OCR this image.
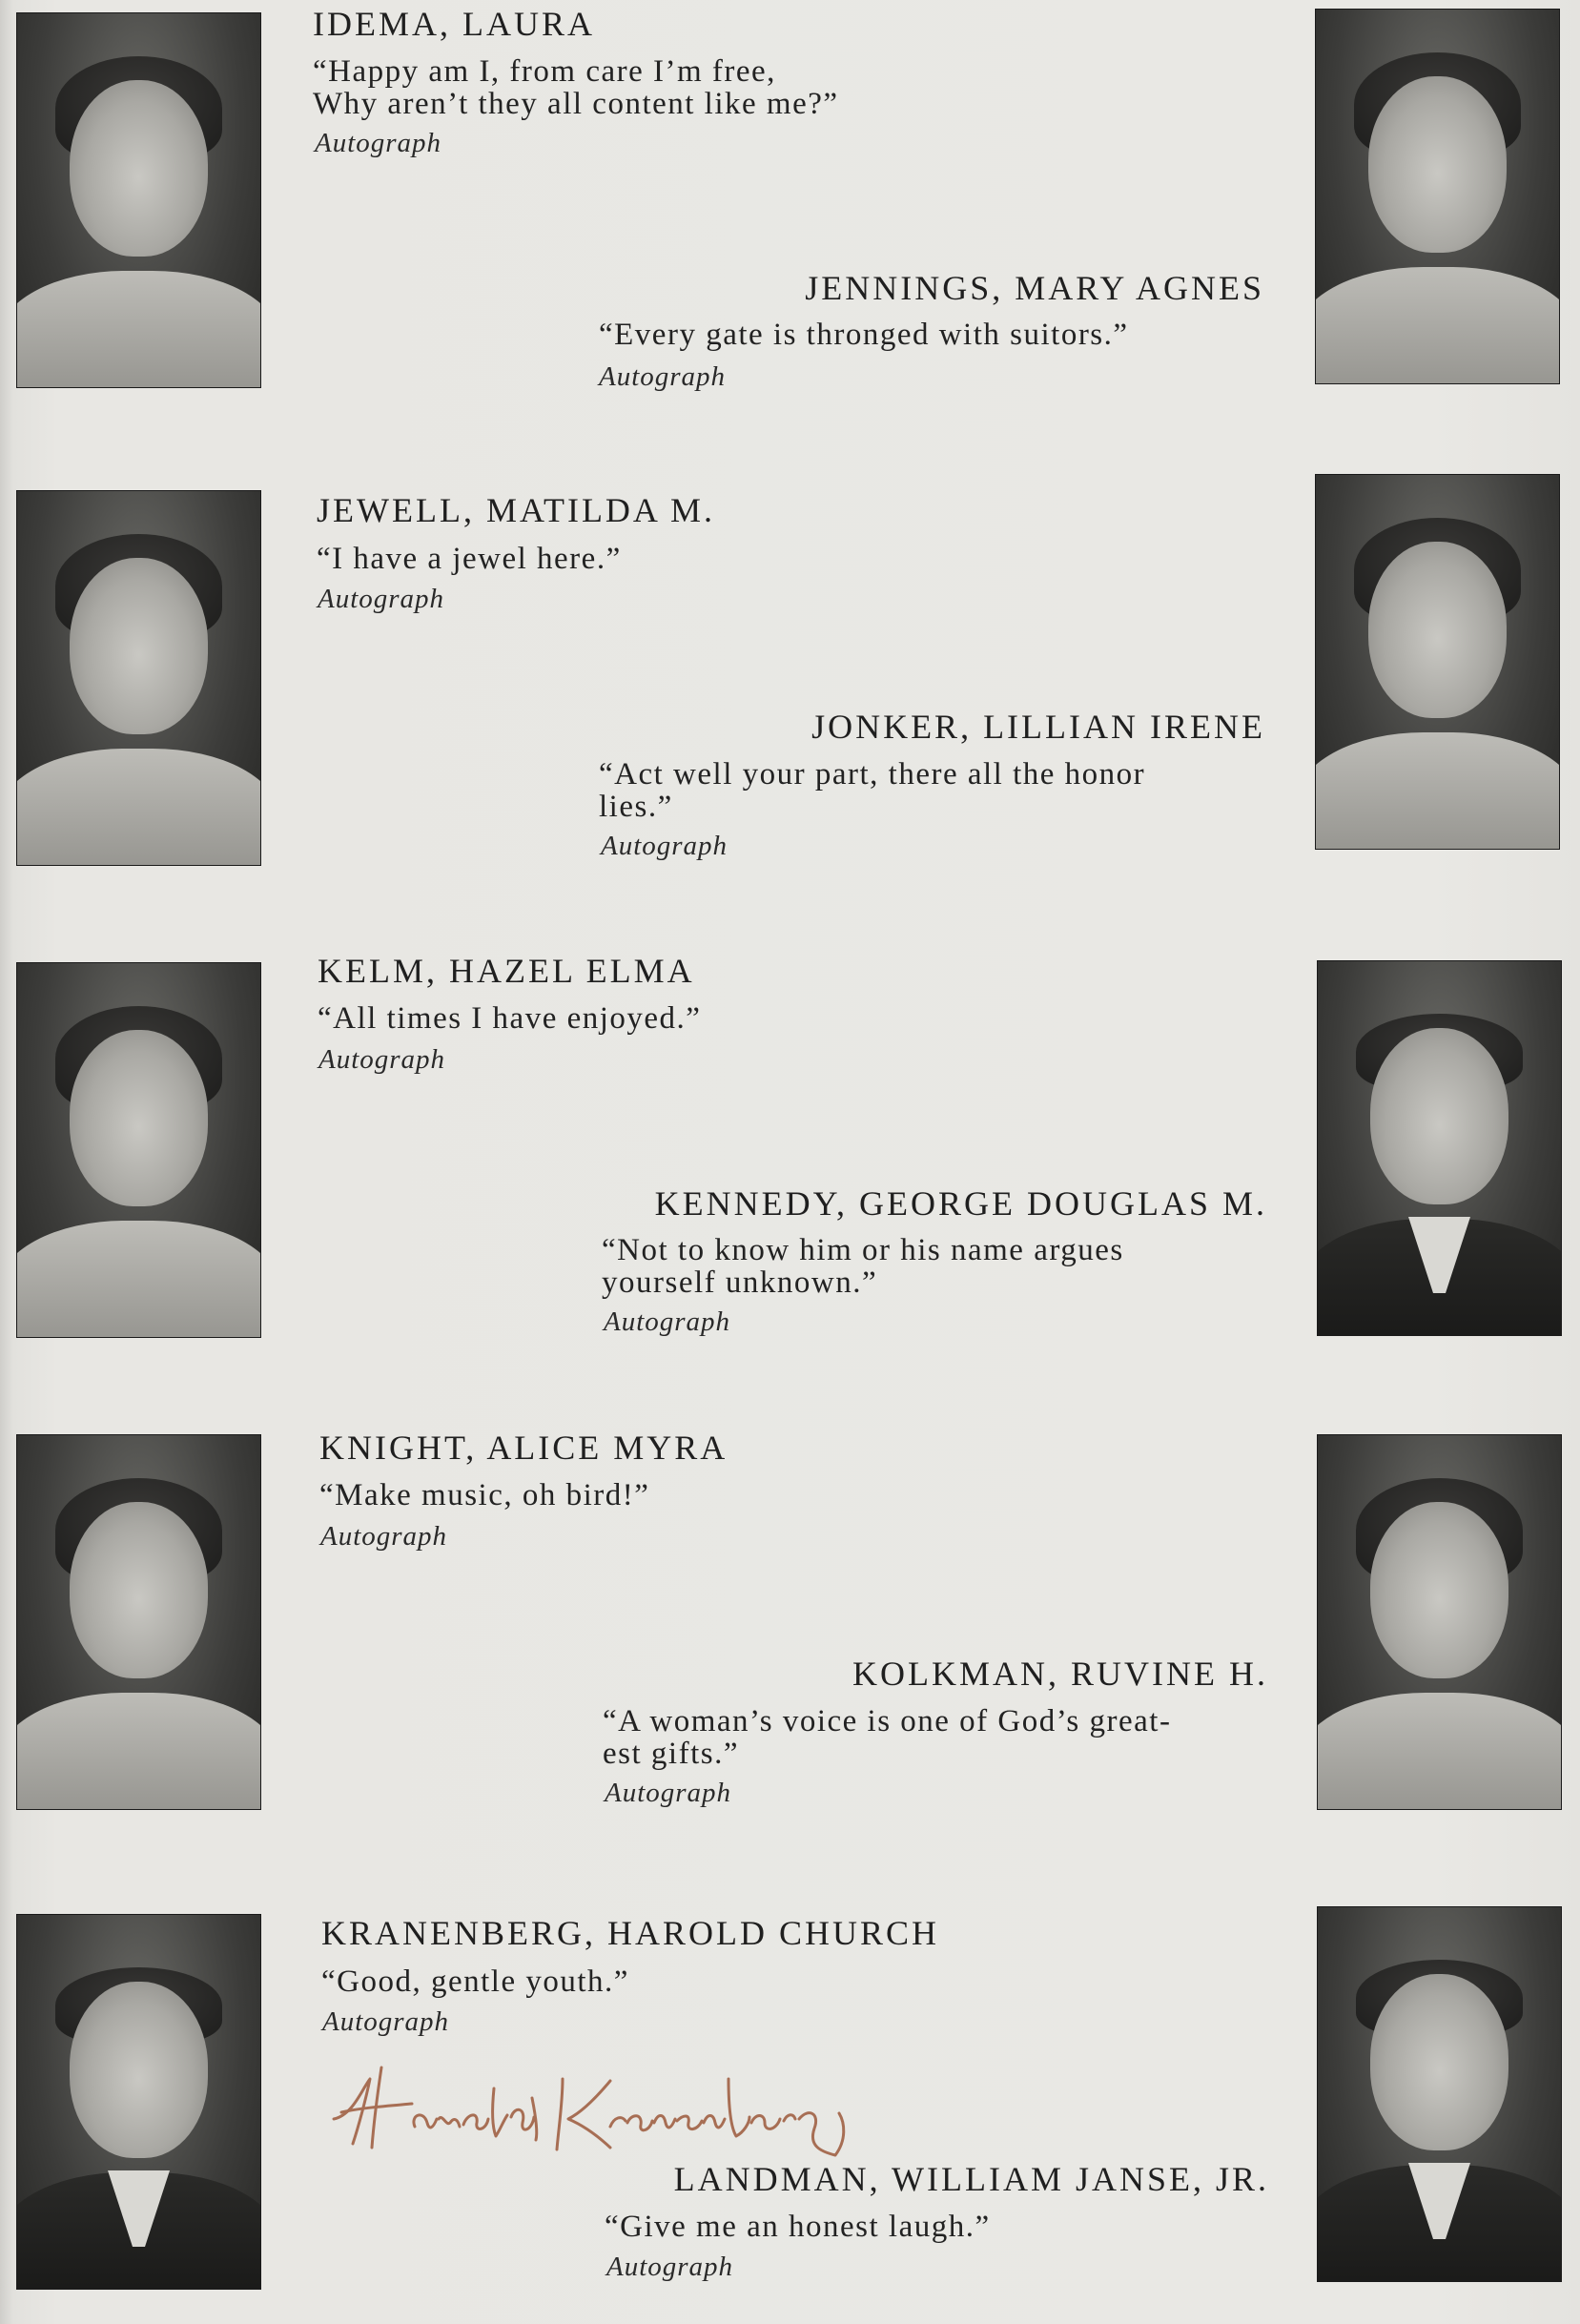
IDEMA, LAURA
“Happy am I, from care I’m free,
Why aren’t they all content like me?”
Autograph
JENNINGS, MARY AGNES
“Every gate is thronged with suitors.”
Autograph
JEWELL, MATILDA M.
“I have a jewel here.”
Autograph
JONKER, LILLIAN IRENE
“Act well your part, there all the honor
lies.”
Autograph
KELM, HAZEL ELMA
“All times I have enjoyed.”
Autograph
KENNEDY, GEORGE DOUGLAS M.
“Not to know him or his name argues
yourself unknown.”
Autograph
KNIGHT, ALICE MYRA
“Make music, oh bird!”
Autograph
KOLKMAN, RUVINE H.
“A woman’s voice is one of God’s great-
est gifts.”
Autograph
KRANENBERG, HAROLD CHURCH
“Good, gentle youth.”
Autograph
LANDMAN, WILLIAM JANSE, JR.
“Give me an honest laugh.”
Autograph
